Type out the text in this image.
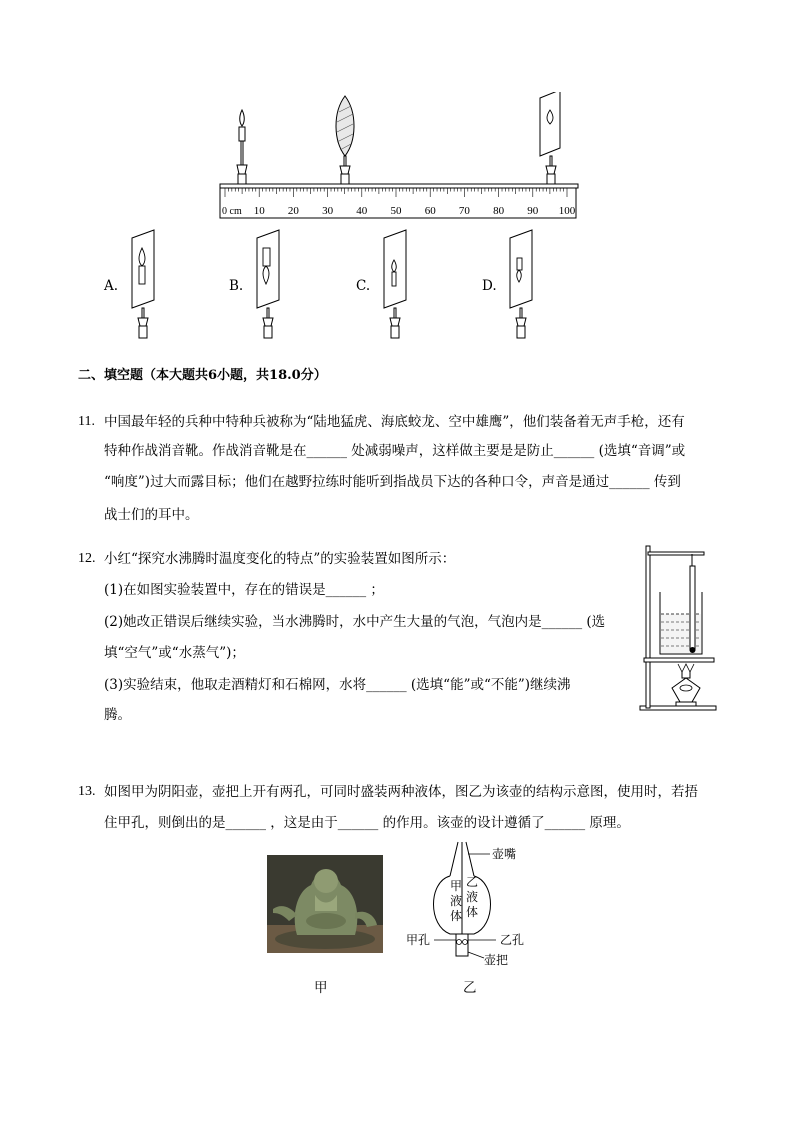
0 cm 10 20 30 40 50 60 70 80 90 100
A.	B.	C.	D.
二、填空题（本大题共6小题，共18.0分）
11. 中国最年轻的兵种中特种兵被称为“陆地猛虎、海底蛟龙、空中雄鹰”，他们装备着无声手枪，还有
特种作战消音靴。作战消音靴是在______ 处减弱噪声，这样做主要是是防止______ (选填“音调”或
“响度”)过大而露目标；他们在越野拉练时能听到指战员下达的各种口令，声音是通过______ 传到
战士们的耳中。
12. 小红“探究水沸腾时温度变化的特点”的实验装置如图所示：
(1)在如图实验装置中，存在的错误是______ ；
(2)她改正错误后继续实验，当水沸腾时，水中产生大量的气泡，气泡内是______ (选
填“空气”或“水蒸气”)；
(3)实验结束，他取走酒精灯和石棉网，水将______ (选填“能”或“不能”)继续沸
腾。
13. 如图甲为阴阳壶，壶把上开有两孔，可同时盛装两种液体，图乙为该壶的结构示意图，使用时，若捂
住甲孔，则倒出的是______ ，这是由于______ 的作用。该壶的设计遵循了______ 原理。
壶嘴
甲
液
体
乙
液
体
甲孔	乙孔
壶把
甲	乙
